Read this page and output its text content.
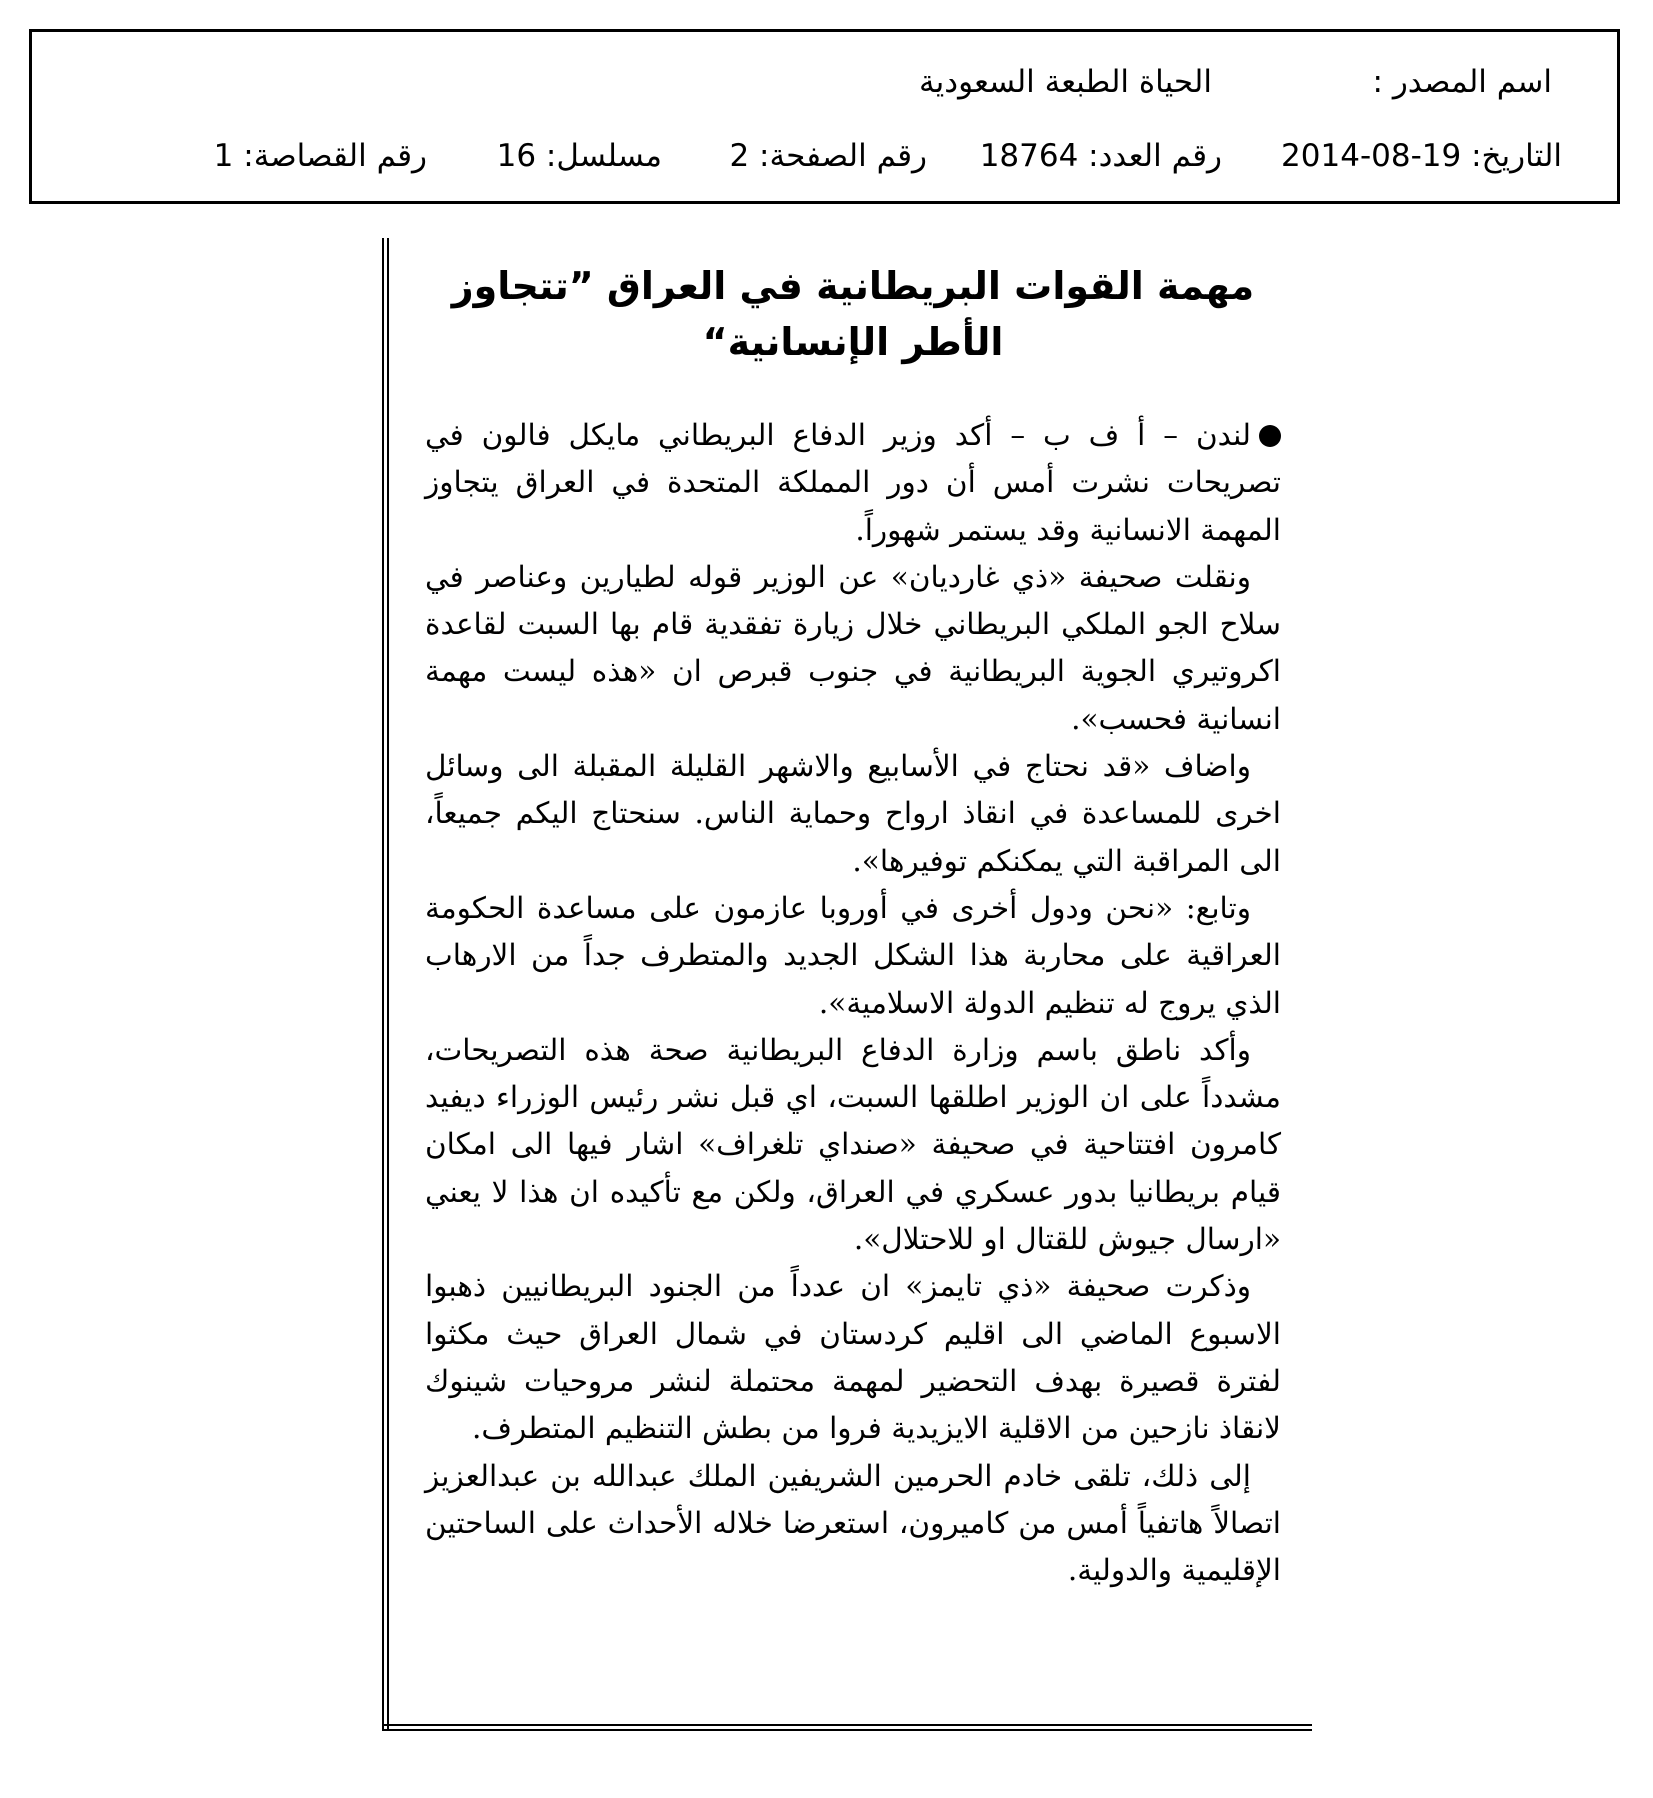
اسم المصدر :
الحياة الطبعة السعودية
التاريخ: 19-08-2014
رقم العدد: 18764
رقم الصفحة: 2
مسلسل: 16
رقم القصاصة: 1
مهمة القوات البريطانية في العراق ”تتجاوز الأطر الإنسانية“

لندن – أ ف ب – أكد وزير الدفاع البريطاني مايكل فالون في تصريحات نشرت أمس أن دور المملكة المتحدة في العراق يتجاوز المهمة الانسانية وقد يستمر شهوراً.

ونقلت صحيفة «ذي غارديان» عن الوزير قوله لطيارين وعناصر في سلاح الجو الملكي البريطاني خلال زيارة تفقدية قام بها السبت لقاعدة اكروتيري الجوية البريطانية في جنوب قبرص ان «هذه ليست مهمة انسانية فحسب».

واضاف «قد نحتاج في الأسابيع والاشهر القليلة المقبلة الى وسائل اخرى للمساعدة في انقاذ ارواح وحماية الناس. سنحتاج اليكم جميعاً، الى المراقبة التي يمكنكم توفيرها».

وتابع: «نحن ودول أخرى في أوروبا عازمون على مساعدة الحكومة العراقية على محاربة هذا الشكل الجديد والمتطرف جداً من الارهاب الذي يروج له تنظيم الدولة الاسلامية».

وأكد ناطق باسم وزارة الدفاع البريطانية صحة هذه التصريحات، مشدداً على ان الوزير اطلقها السبت، اي قبل نشر رئيس الوزراء ديفيد كامرون افتتاحية في صحيفة «صنداي تلغراف» اشار فيها الى امكان قيام بريطانيا بدور عسكري في العراق، ولكن مع تأكيده ان هذا لا يعني «ارسال جيوش للقتال او للاحتلال».

وذكرت صحيفة «ذي تايمز» ان عدداً من الجنود البريطانيين ذهبوا الاسبوع الماضي الى اقليم كردستان في شمال العراق حيث مكثوا لفترة قصيرة بهدف التحضير لمهمة محتملة لنشر مروحيات شينوك لانقاذ نازحين من الاقلية الايزيدية فروا من بطش التنظيم المتطرف.

إلى ذلك، تلقى خادم الحرمين الشريفين الملك عبدالله بن عبدالعزيز اتصالاً هاتفياً أمس من كاميرون، استعرضا خلاله الأحداث على الساحتين الإقليمية والدولية.
